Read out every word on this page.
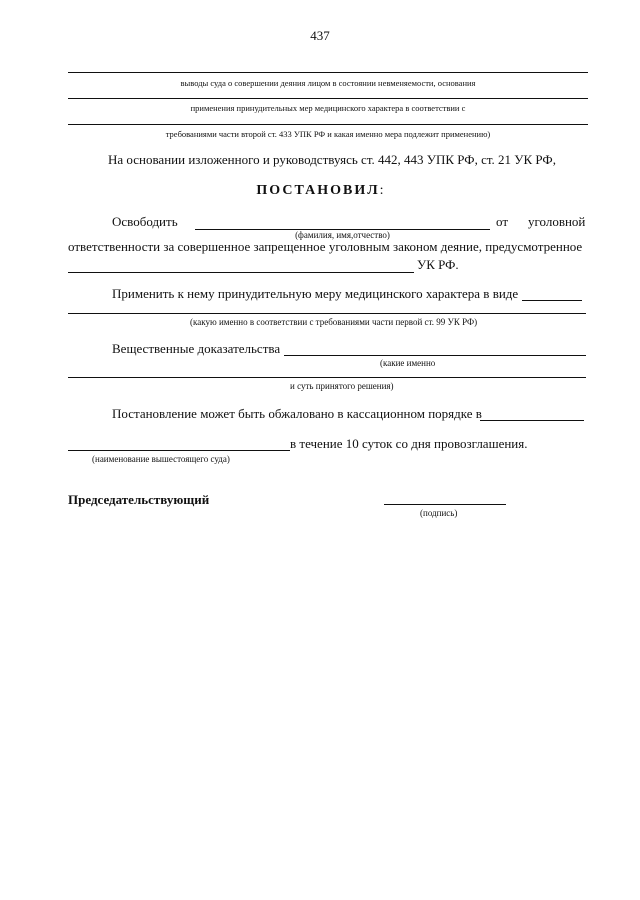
437
выводы суда о совершении деяния лицом в состоянии невменяемости, основания
применения принудительных мер медицинского характера в соответствии с
требованиями части второй ст. 433 УПК РФ и какая именно мера подлежит применению)
На основании изложенного и руководствуясь ст. 442, 443 УПК РФ, ст. 21 УК РФ,
ПОСТАНОВИЛ:
Освободить	от уголовной
(фамилия, имя,отчество)
ответственности за совершенное запрещенное уголовным законом деяние, предусмотренное
УК РФ.
Применить к нему принудительную меру медицинского характера в виде
(какую именно в соответствии с требованиями части первой ст. 99 УК РФ)
Вещественные доказательства
(какие именно
и суть принятого решения)
Постановление может быть обжаловано в кассационном порядке в
в течение 10 суток со дня провозглашения.
(наименование вышестоящего суда)
Председательствующий
(подпись)
